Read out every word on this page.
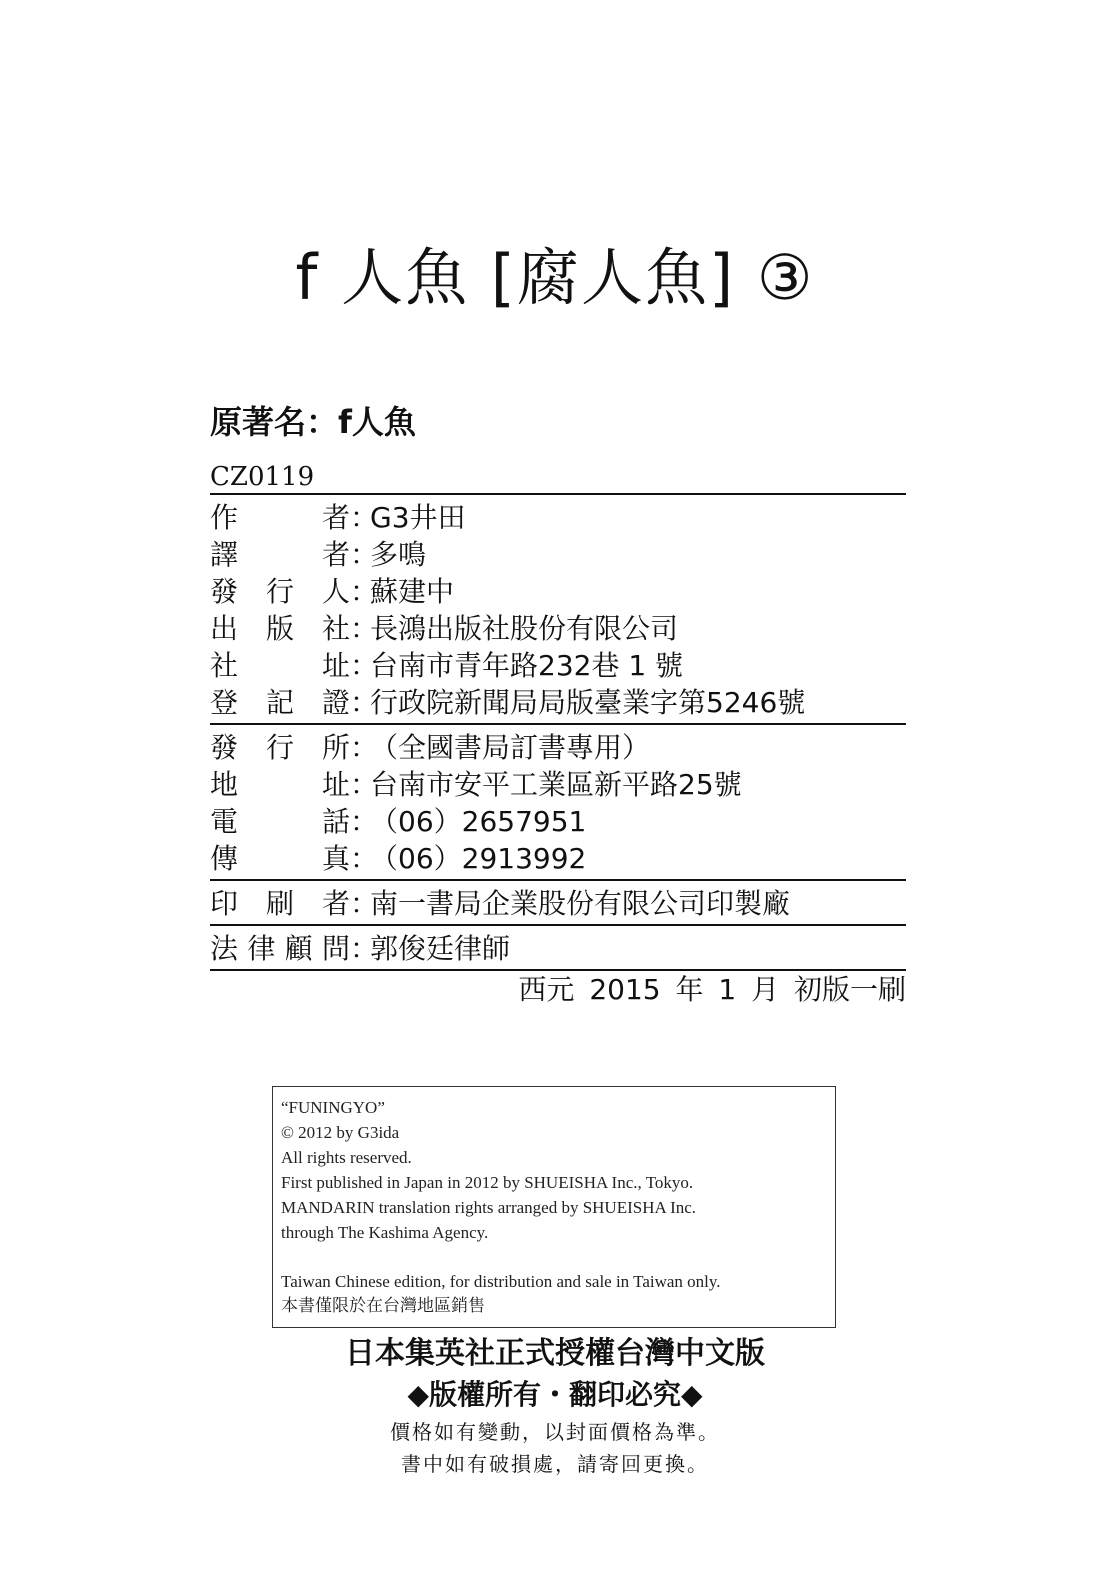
f 人魚 [腐人魚] ③
原著名：f人魚
CZ0119
作	者 ：
G3井田
譯	者 ：
多鳴
發 行 人 ：
蘇建中
出 版 社 ：
長鴻出版社股份有限公司
社	址 ：
台南市青年路232巷 1 號
登 記 證 ：
行政院新聞局局版臺業字第5246號
發 行 所 ：
（全國書局訂書專用）
地	址 ：
台南市安平工業區新平路25號
電	話 ：
（06）2657951
傳	真 ：
（06）2913992
印 刷 者 ：
南一書局企業股份有限公司印製廠
法 律 顧 問 ：
郭俊廷律師
西元 2015 年 1 月 初版一刷
“FUNINGYO”
© 2012 by G3ida
All rights reserved.
First published in Japan in 2012 by SHUEISHA Inc., Tokyo.
MANDARIN translation rights arranged by SHUEISHA Inc.
through The Kashima Agency.
Taiwan Chinese edition, for distribution and sale in Taiwan only.
本書僅限於在台灣地區銷售
日本集英社正式授權台灣中文版
◆版權所有・翻印必究◆
價格如有變動，以封面價格為準。
書中如有破損處，請寄回更換。
